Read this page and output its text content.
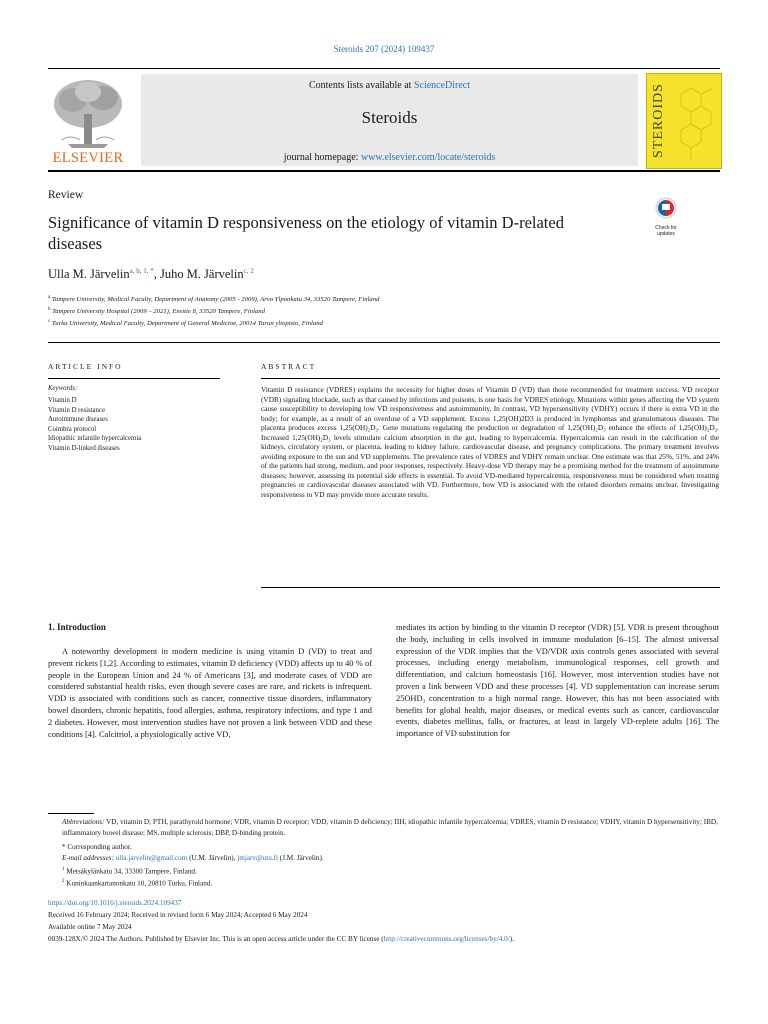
Steroids 207 (2024) 109437
ELSEVIER
Contents lists available at ScienceDirect
Steroids
journal homepage: www.elsevier.com/locate/steroids	STEROIDS
Review
Significance of vitamin D responsiveness on the etiology of vitamin D-related diseases
Check for updates
Ulla M. Järvelin$^{a, b, 1, *}$, Juho M. Järvelin$^{c, 2}$
$^a$ Tampere University, Medical Faculty, Department of Anatomy (2005 - 2009), Arvo Ylponkatu 34, 33520 Tampere, Finland
$^b$ Tampere University Hospital (2009 – 2021), Ensitie 8, 33520 Tampere, Finland
$^c$ Turku University, Medical Faculty, Department of General Medicine, 20014 Turun yliopisto, Finland
ARTICLE INFO	ABSTRACT
Keywords:
Vitamin D
Vitamin D resistance
Autoimmune diseases
Coimbra protocol
Idiopathic infantile hypercalcemia
Vitamin D-linked diseases
Vitamin D resistance (VDRES) explains the necessity for higher doses of Vitamin D (VD) than those recommended for treatment success. VD receptor (VDR) signaling blockade, such as that caused by infections and poisons, is one basis for VDRES etiology. Mutations within genes affecting the VD system cause susceptibility to developing low VD responsiveness and autoimmunity. In contrast, VD hypersensitivity (VDHY) occurs if there is extra VD in the body; for example, as a result of an overdose of a VD supplement. Excess 1,25(OH)2D3 is produced in lymphomas and granulomatous diseases. The placenta produces excess 1,25(OH)₂D₃. Gene mutations regulating the production or degradation of 1,25(OH)₂D₃ enhance the effects of 1,25(OH)₂D₃. Increased 1,25(OH)₂D₃ levels stimulate calcium absorption in the gut, leading to hypercalcemia. Hypercalcemia can result in the calcification of the kidneys, circulatory system, or placenta, leading to kidney failure, cardiovascular disease, and pregnancy complications. The primary treatment involves avoiding exposure to the sun and VD supplements. The prevalence rates of VDRES and VDHY remain unclear. One estimate was that 25%, 51%, and 24% of the patients had strong, medium, and poor responses, respectively. Heavy-dose VD therapy may be a promising method for the treatment of autoimmune diseases; however, assessing its potential side effects is essential. To avoid VD-mediated hypercalcemia, responsiveness must be considered when treating pregnancies or cardiovascular diseases associated with VD. Furthermore, how VD is associated with the related disorders remains unclear. Investigating responsiveness to VD may provide more accurate results.
1. Introduction
A noteworthy development in modern medicine is using vitamin D (VD) to treat and prevent rickets [1,2]. According to estimates, vitamin D deficiency (VDD) affects up to 40 % of people in the European Union and 24 % of Americans [3], and moderate cases of VDD are considered substantial health risks, even though severe cases are rare, and rickets is infrequent. VDD is associated with conditions such as cancer, connective tissue disorders, inflammatory bowel disorders, chronic hepatitis, food allergies, asthma, respiratory infections, and type 1 and 2 diabetes. However, most intervention studies have not proven a link between VDD and these conditions [4]. Calcitriol, a physiologically active VD,
mediates its action by binding to the vitamin D receptor (VDR) [5]. VDR is present throughout the body, including in cells involved in immune modulation [6–15]. The almost universal expression of the VDR implies that the VD/VDR axis controls genes associated with several processes, including energy metabolism, immunological responses, cell growth and differentiation, and calcium homeostasis [16]. However, most intervention studies have not proven a link between VDD and these processes [4]. VD supplementation can increase serum 25OHD₃ concentration to a high normal range. However, this has not been associated with benefits for global health, major diseases, or medical events such as cancer, cardiovascular events, diabetes mellitus, falls, or fractures, at least in largely VD-replete adults [16]. The importance of VD substitution for
Abbreviations: VD, vitamin D; PTH, parathyroid hormone; VDR, vitamin D receptor; VDD, vitamin D deficiency; IIH, idiopathic infantile hypercalcemia; VDRES, vitamin D resistance; VDHY, vitamin D hypersensitivity; IBD, inflammatory bowel disease; MS, multiple sclerosis; DBP, D-binding protein.
* Corresponding author.
E-mail addresses: ulla.jarvelin@gmail.com (U.M. Järvelin), jmjarv@utu.fi (J.M. Järvelin).
$^1$ Metsäkylänkatu 34, 33300 Tampere, Finland.
$^2$ Kuninkaankartanonkatu 10, 20810 Turku, Finland.
https://doi.org/10.1016/j.steroids.2024.109437
Received 16 February 2024; Received in revised form 6 May 2024; Accepted 6 May 2024
Available online 7 May 2024
0039-128X/© 2024 The Authors. Published by Elsevier Inc. This is an open access article under the CC BY license (http://creativecommons.org/licenses/by/4.0/).
